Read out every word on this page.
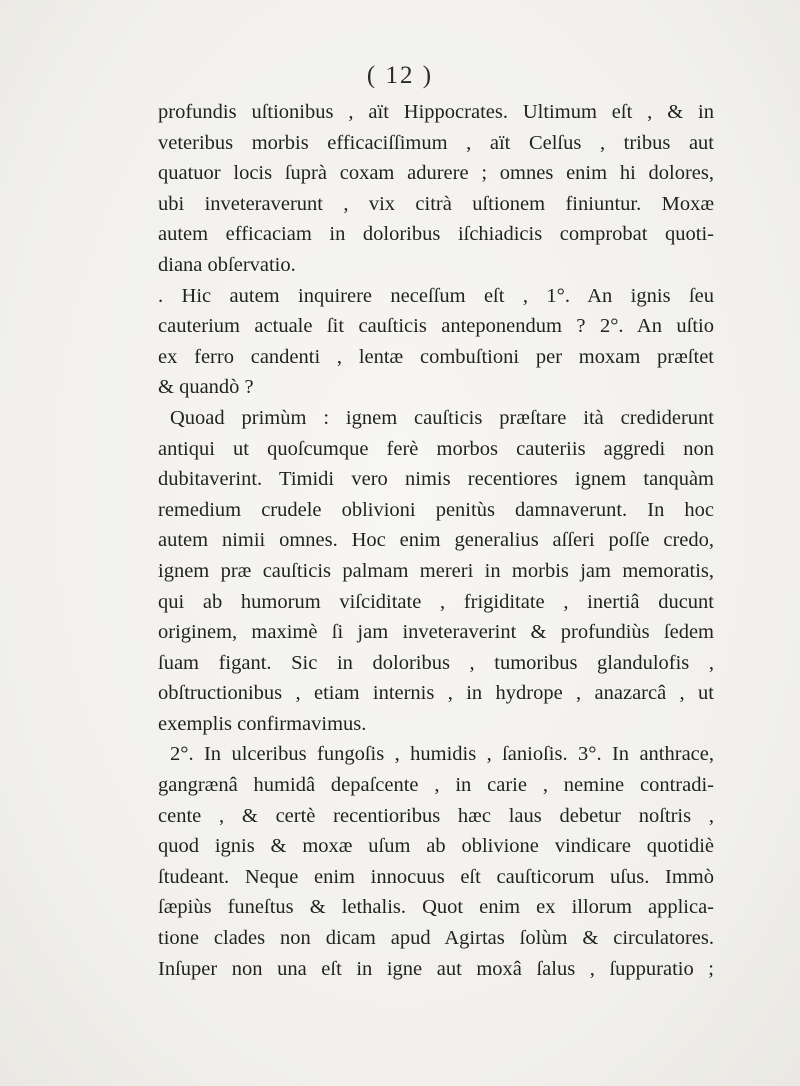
( 12 )
profundis uſtionibus , aït Hippocrates. Ultimum eſt , & in
veteribus morbis efficaciſſimum , aït Celſus , tribus aut
quatuor locis ſuprà coxam adurere ; omnes enim hi dolores,
ubi inveteraverunt , vix citrà uſtionem finiuntur. Moxæ
autem efficaciam in doloribus iſchiadicis comprobat quoti-
diana obſervatio.
. Hic autem inquirere neceſſum eſt , 1°. An ignis ſeu
cauterium actuale ſit cauſticis anteponendum ? 2°. An uſtio
ex ferro candenti , lentæ combuſtioni per moxam præſtet
& quandò ?
Quoad primùm : ignem cauſticis præſtare ità crediderunt
antiqui ut quoſcumque ferè morbos cauteriis aggredi non
dubitaverint. Timidi vero nimis recentiores ignem tanquàm
remedium crudele oblivioni penitùs damnaverunt. In hoc
autem nimii omnes. Hoc enim generalius aſſeri poſſe credo,
ignem præ cauſticis palmam mereri in morbis jam memoratis,
qui ab humorum viſciditate , frigiditate , inertiâ ducunt
originem, maximè ſi jam inveteraverint & profundiùs ſedem
ſuam figant. Sic in doloribus , tumoribus glandulofis ,
obſtructionibus , etiam internis , in hydrope , anazarcâ , ut
exemplis confirmavimus.
2°. In ulceribus fungoſis , humidis , ſanioſis. 3°. In anthrace,
gangrænâ humidâ depaſcente , in carie , nemine contradi-
cente , & certè recentioribus hæc laus debetur noſtris ,
quod ignis & moxæ uſum ab oblivione vindicare quotidiè
ſtudeant. Neque enim innocuus eſt cauſticorum uſus. Immò
ſæpiùs funeſtus & lethalis. Quot enim ex illorum applica-
tione clades non dicam apud Agirtas ſolùm & circulatores.
Inſuper non una eſt in igne aut moxâ ſalus , ſuppuratio ;
